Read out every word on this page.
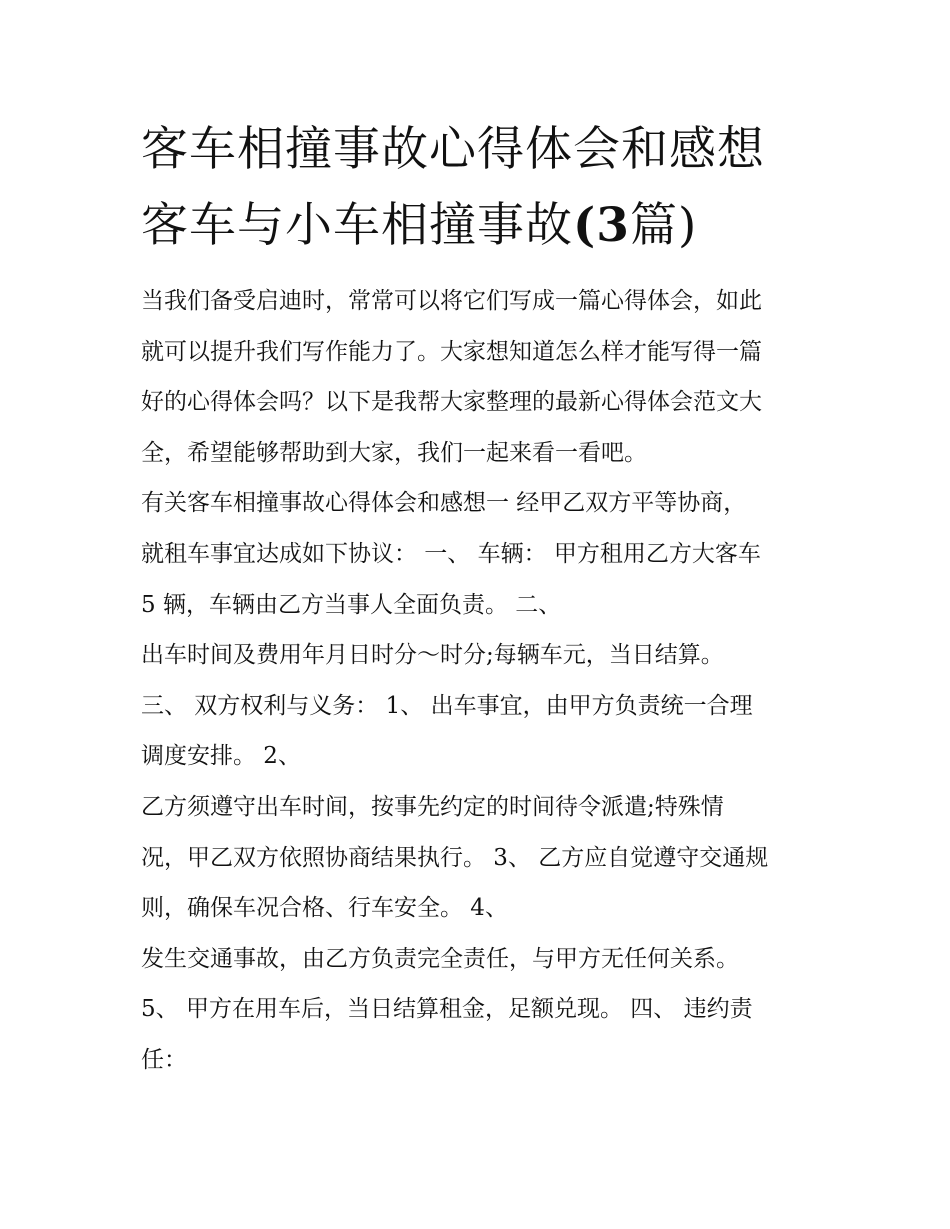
客车相撞事故心得体会和感想
客车与小车相撞事故(3篇)
当我们备受启迪时，常常可以将它们写成一篇心得体会，如此
就可以提升我们写作能力了。大家想知道怎么样才能写得一篇
好的心得体会吗？以下是我帮大家整理的最新心得体会范文大
全，希望能够帮助到大家，我们一起来看一看吧。
有关客车相撞事故心得体会和感想一 经甲乙双方平等协商，
就租车事宜达成如下协议： 一、 车辆： 甲方租用乙方大客车
5 辆，车辆由乙方当事人全面负责。 二、
出车时间及费用年月日时分～时分;每辆车元，当日结算。
三、 双方权利与义务： 1、 出车事宜，由甲方负责统一合理
调度安排。 2、
乙方须遵守出车时间，按事先约定的时间待令派遣;特殊情
况，甲乙双方依照协商结果执行。 3、 乙方应自觉遵守交通规
则，确保车况合格、行车安全。 4、
发生交通事故，由乙方负责完全责任，与甲方无任何关系。
5、 甲方在用车后，当日结算租金，足额兑现。 四、 违约责
任：
